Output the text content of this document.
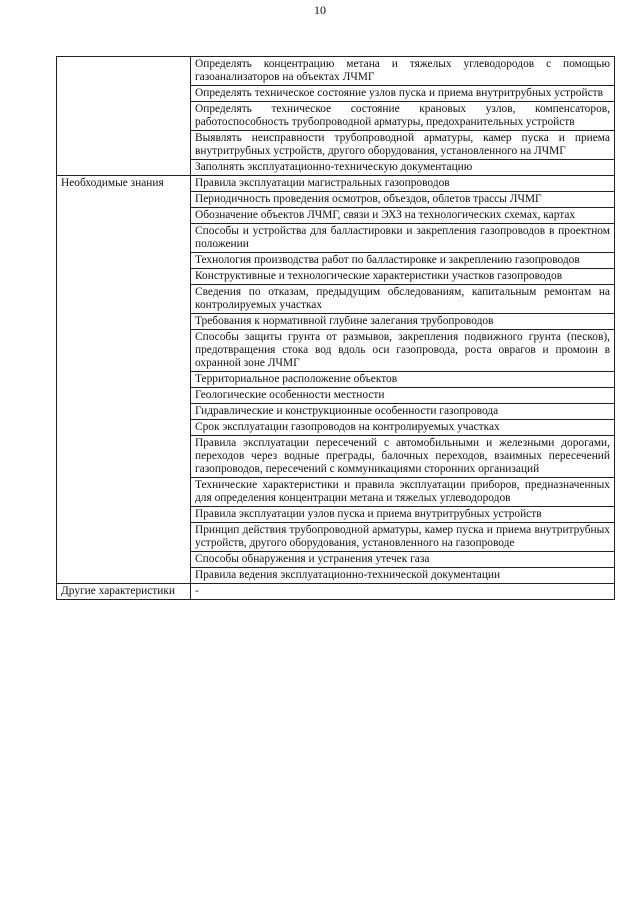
10
	Определять концентрацию метана и тяжелых углеводородов с помощью газоанализаторов на объектах ЛЧМГ
	Определять техническое состояние узлов пуска и приема внутритрубных устройств
	Определять техническое состояние крановых узлов, компенсаторов, работоспособность трубопроводной арматуры, предохранительных устройств
	Выявлять неисправности трубопроводной арматуры, камер пуска и приема внутритрубных устройств, другого оборудования, установленного на ЛЧМГ
	Заполнять эксплуатационно-техническую документацию
Необходимые знания	Правила эксплуатации магистральных газопроводов
	Периодичность проведения осмотров, объездов, облетов трассы ЛЧМГ
	Обозначение объектов ЛЧМГ, связи и ЭХЗ на технологических схемах, картах
	Способы и устройства для балластировки и закрепления газопроводов в проектном положении
	Технология производства работ по балластировке и закреплению газопроводов
	Конструктивные и технологические характеристики участков газопроводов
	Сведения по отказам, предыдущим обследованиям, капитальным ремонтам на контролируемых участках
	Требования к нормативной глубине залегания трубопроводов
	Способы защиты грунта от размывов, закрепления подвижного грунта (песков), предотвращения стока вод вдоль оси газопровода, роста оврагов и промоин в охранной зоне ЛЧМГ
	Территориальное расположение объектов
	Геологические особенности местности
	Гидравлические и конструкционные особенности газопровода
	Срок эксплуатации газопроводов на контролируемых участках
	Правила эксплуатации пересечений с автомобильными и железными дорогами, переходов через водные преграды, балочных переходов, взаимных пересечений газопроводов, пересечений с коммуникациями сторонних организаций
	Технические характеристики и правила эксплуатации приборов, предназначенных для определения концентрации метана и тяжелых углеводородов
	Правила эксплуатации узлов пуска и приема внутритрубных устройств
	Принцип действия трубопроводной арматуры, камер пуска и приема внутритрубных устройств, другого оборудования, установленного на газопроводе
	Способы обнаружения и устранения утечек газа
	Правила ведения эксплуатационно-технической документации
Другие характеристики	-
